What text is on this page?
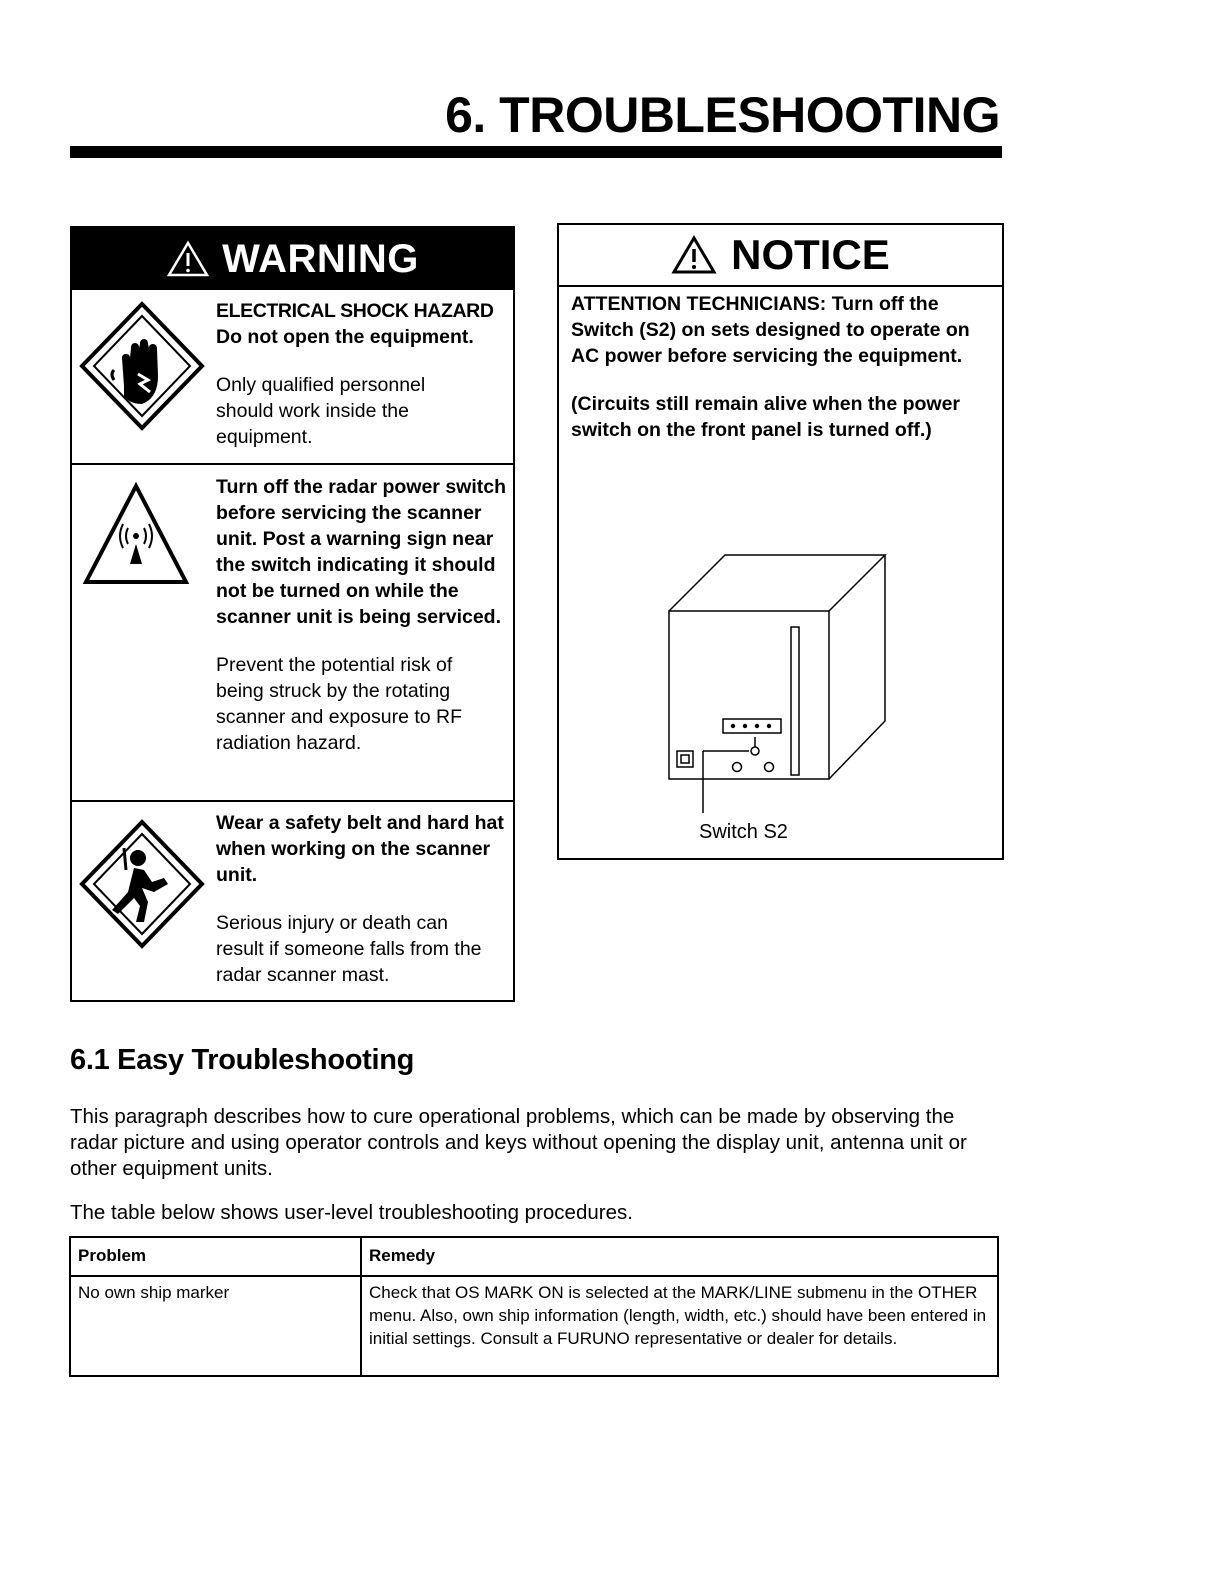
6. TROUBLESHOOTING
WARNING

ELECTRICAL SHOCK HAZARD

Do not open the equipment.

Only qualified personnel should work inside the equipment.

Turn off the radar power switch before servicing the scanner unit. Post a warning sign near the switch indicating it should not be turned on while the scanner unit is being serviced.

Prevent the potential risk of being struck by the rotating scanner and exposure to RF radiation hazard.

Wear a safety belt and hard hat when working on the scanner unit.

Serious injury or death can result if someone falls from the radar scanner mast.

NOTICE

ATTENTION TECHNICIANS: Turn off the Switch (S2) on sets designed to operate on AC power before servicing the equipment.

(Circuits still remain alive when the power switch on the front panel is turned off.)

Switch S2
6.1 Easy Troubleshooting
This paragraph describes how to cure operational problems, which can be made by observing the radar picture and using operator controls and keys without opening the display unit, antenna unit or other equipment units.
The table below shows user-level troubleshooting procedures.
Problem	Remedy
No own ship marker	Check that OS MARK ON is selected at the MARK/LINE submenu in the OTHER menu. Also, own ship information (length, width, etc.) should have been entered in initial settings. Consult a FURUNO representative or dealer for details.
